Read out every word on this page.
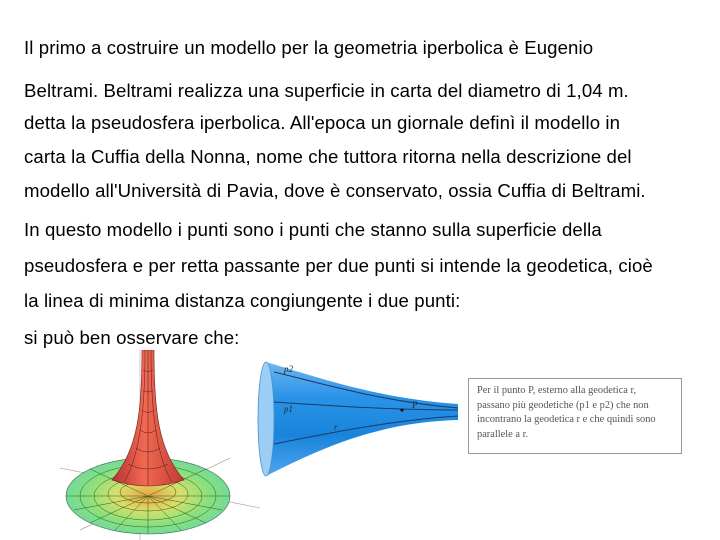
Il primo a costruire un modello per la geometria iperbolica è Eugenio
Beltrami. Beltrami realizza una superficie in carta del diametro di 1,04 m.
detta la pseudosfera iperbolica. All'epoca un giornale definì il modello in
carta la Cuffia della Nonna, nome che tuttora ritorna nella descrizione del
modello all'Università di Pavia, dove è conservato, ossia Cuffia di Beltrami.
In questo modello i punti sono i punti che stanno sulla superficie della
pseudosfera e per retta passante per due punti si intende la geodetica, cioè
la linea di minima distanza congiungente i due punti:
si può ben osservare che:
p2
p1	P
r
Per il punto P, esterno alla geodetica r,
passano più geodetiche (p1 e p2) che non
incontrano la geodetica r e che quindi sono
parallele a r.
